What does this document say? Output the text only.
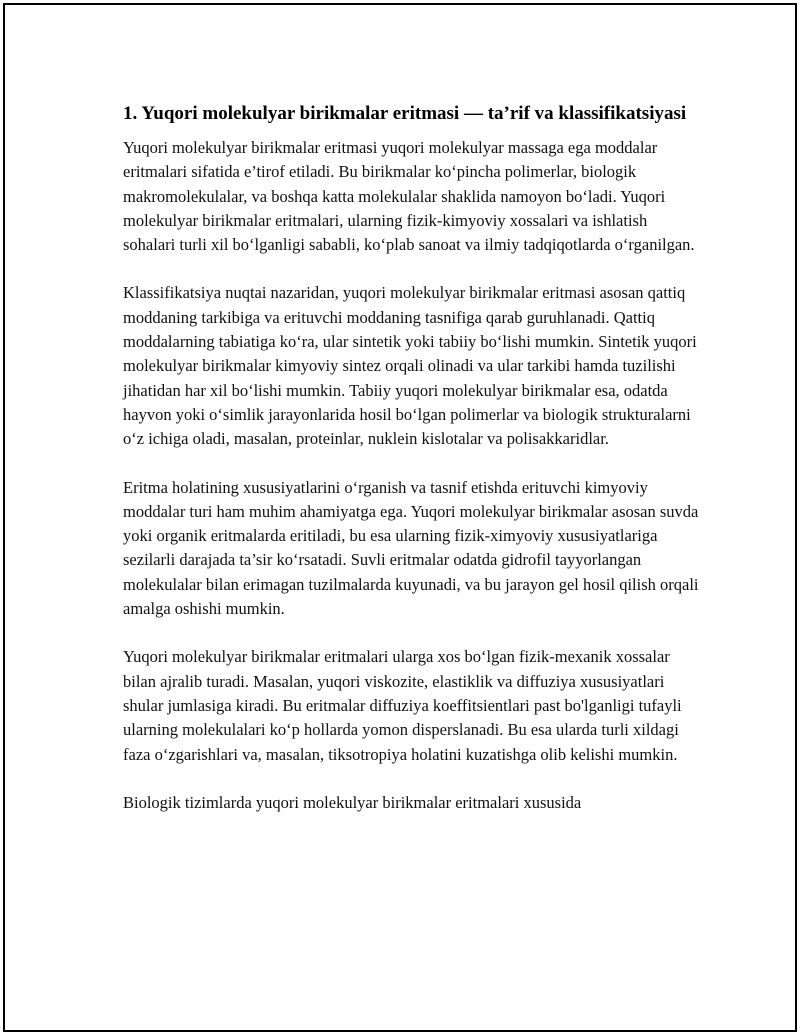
1. Yuqori molekulyar birikmalar eritmasi — ta’rif va klassifikatsiyasi

Yuqori molekulyar birikmalar eritmasi yuqori molekulyar massaga ega moddalar eritmalari sifatida e’tirof etiladi. Bu birikmalar ko‘pincha polimerlar, biologik makromolekulalar, va boshqa katta molekulalar shaklida namoyon bo‘ladi. Yuqori molekulyar birikmalar eritmalari, ularning fizik-kimyoviy xossalari va ishlatish sohalari turli xil bo‘lganligi sababli, ko‘plab sanoat va ilmiy tadqiqotlarda o‘rganilgan.

Klassifikatsiya nuqtai nazaridan, yuqori molekulyar birikmalar eritmasi asosan qattiq moddaning tarkibiga va erituvchi moddaning tasnifiga qarab guruhlanadi. Qattiq moddalarning tabiatiga ko‘ra, ular sintetik yoki tabiiy bo‘lishi mumkin. Sintetik yuqori molekulyar birikmalar kimyoviy sintez orqali olinadi va ular tarkibi hamda tuzilishi jihatidan har xil bo‘lishi mumkin. Tabiiy yuqori molekulyar birikmalar esa, odatda hayvon yoki o‘simlik jarayonlarida hosil bo‘lgan polimerlar va biologik strukturalarni o‘z ichiga oladi, masalan, proteinlar, nuklein kislotalar va polisakkaridlar.

Eritma holatining xususiyatlarini o‘rganish va tasnif etishda erituvchi kimyoviy moddalar turi ham muhim ahamiyatga ega. Yuqori molekulyar birikmalar asosan suvda yoki organik eritmalarda eritiladi, bu esa ularning fizik-ximyoviy xususiyatlariga sezilarli darajada ta’sir ko‘rsatadi. Suvli eritmalar odatda gidrofil tayyorlangan molekulalar bilan erimagan tuzilmalarda kuyunadi, va bu jarayon gel hosil qilish orqali amalga oshishi mumkin.

Yuqori molekulyar birikmalar eritmalari ularga xos bo‘lgan fizik-mexanik xossalar bilan ajralib turadi. Masalan, yuqori viskozite, elastiklik va diffuziya xususiyatlari shular jumlasiga kiradi. Bu eritmalar diffuziya koeffitsientlari past bo'lganligi tufayli ularning molekulalari ko‘p hollarda yomon disperslanadi. Bu esa ularda turli xildagi faza o‘zgarishlari va, masalan, tiksotropiya holatini kuzatishga olib kelishi mumkin.

Biologik tizimlarda yuqori molekulyar birikmalar eritmalari xususida
